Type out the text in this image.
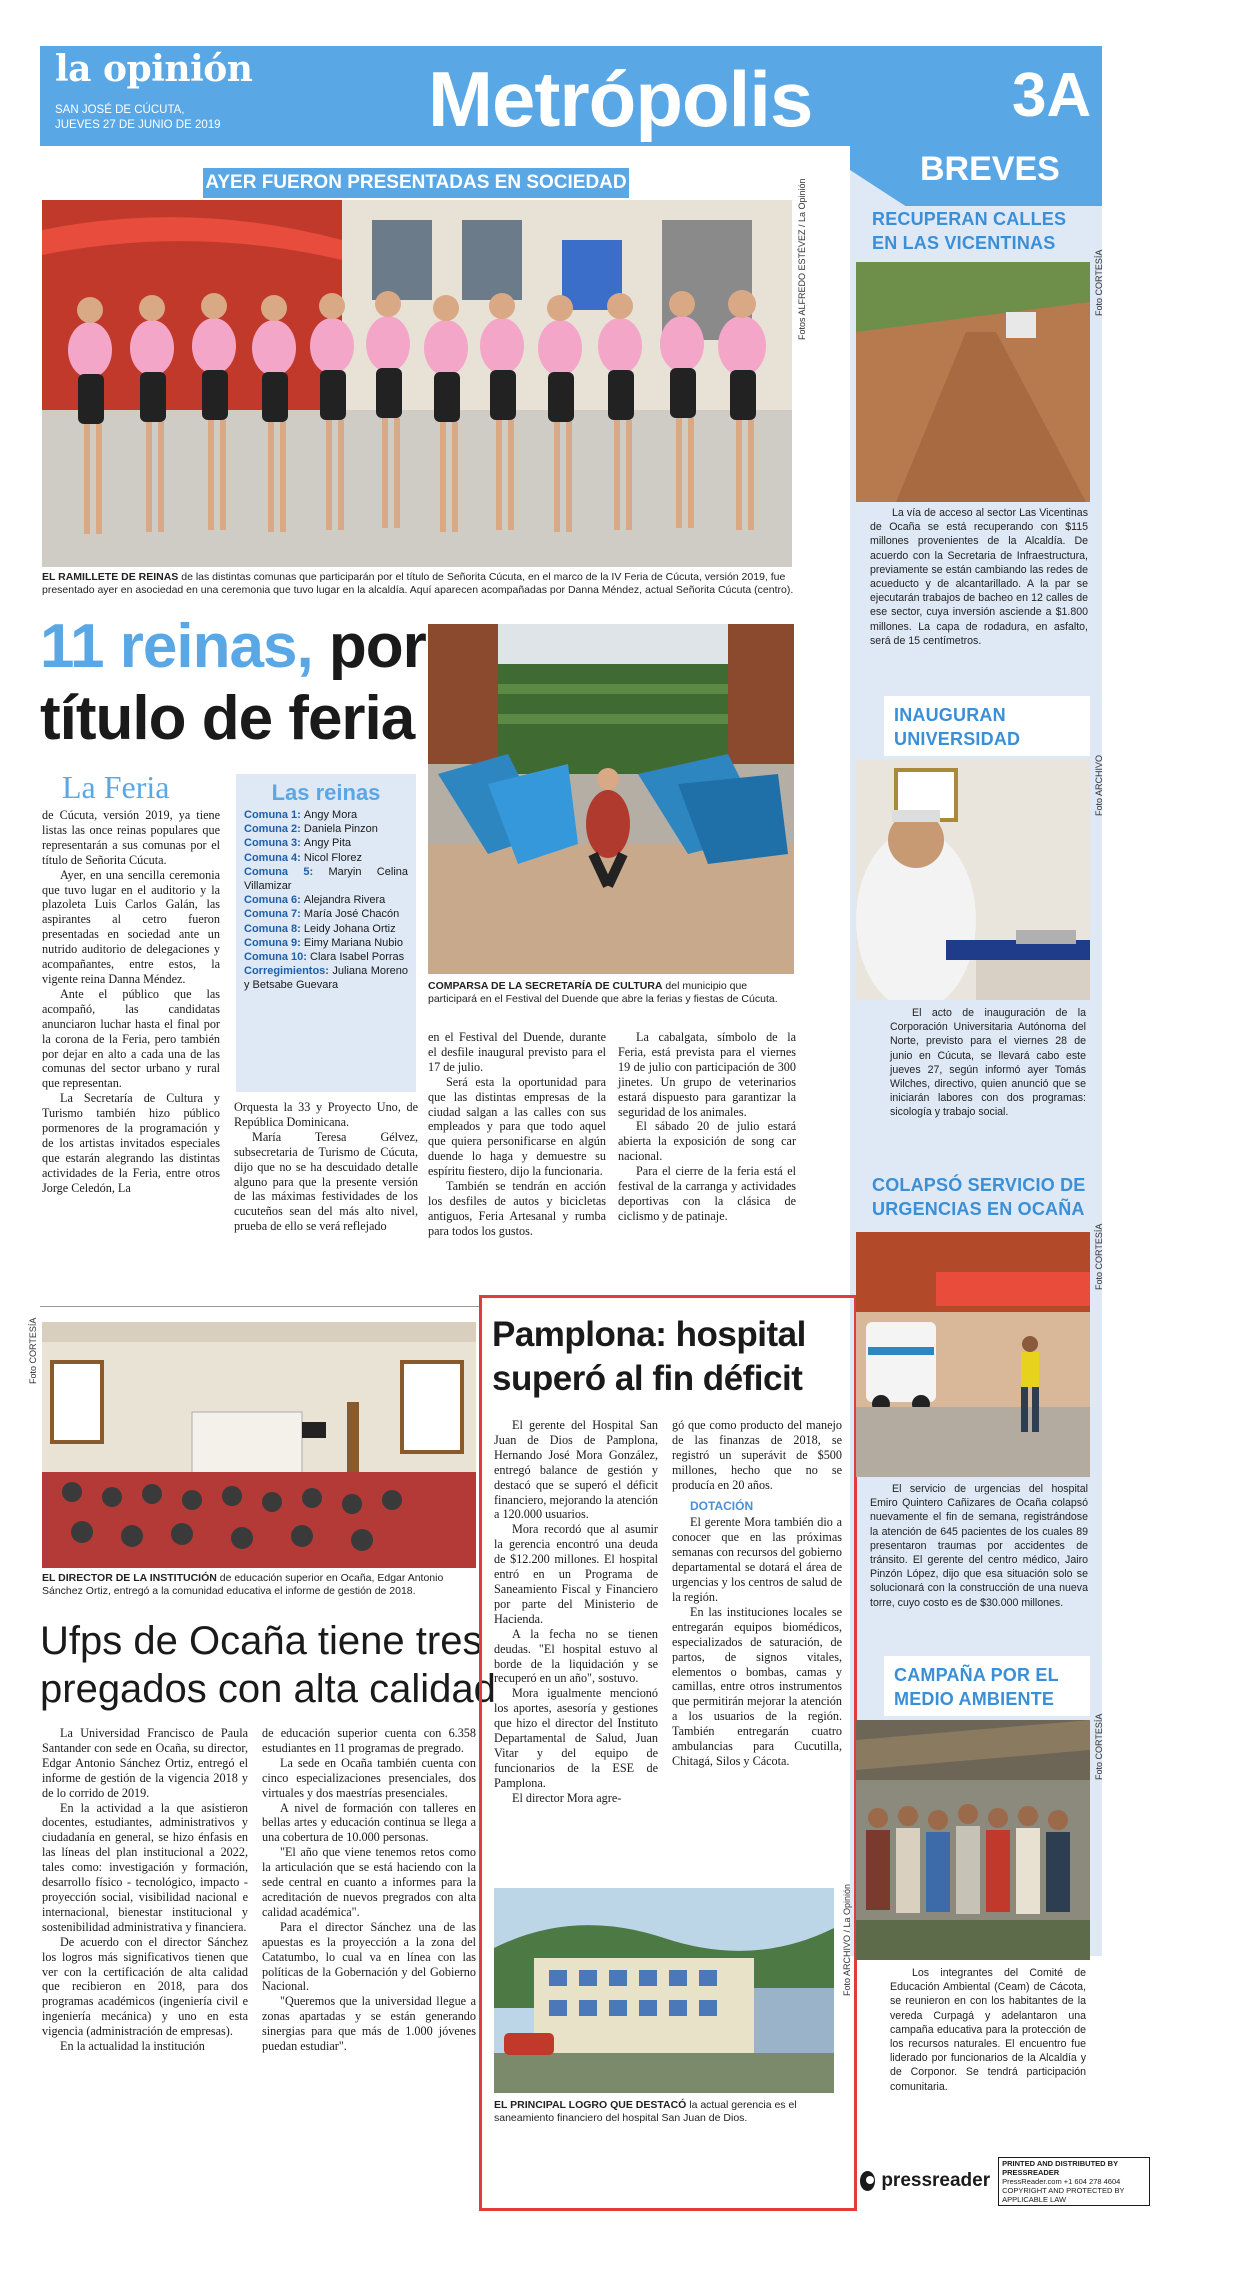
la opinión
SAN JOSÉ DE CÚCUTA,
JUEVES 27 DE JUNIO DE 2019	Metrópolis	3A
BREVES
AYER FUERON PRESENTADAS EN SOCIEDAD	Fotos ALFREDO ESTÉVEZ / La Opinión
EL RAMILLETE DE REINAS de las distintas comunas que participarán por el título de Señorita Cúcuta, en el marco de la IV Feria de Cúcuta, versión 2019, fue presentado ayer en asociedad en una ceremonia que tuvo lugar en la alcaldía. Aquí aparecen acompañadas por Danna Méndez, actual Señorita Cúcuta (centro).
11 reinas, por
título de feria
La Feria

de Cúcuta, versión 2019, ya tiene listas las once reinas populares que representarán a sus comunas por el título de Señorita Cúcuta.

Ayer, en una sencilla ceremonia que tuvo lugar en el auditorio y la plazoleta Luis Carlos Galán, las aspirantes al cetro fueron presentadas en sociedad ante un nutrido auditorio de delegaciones y acompañantes, entre estos, la vigente reina Danna Méndez.

Ante el público que las acompañó, las candidatas anunciaron luchar hasta el final por la corona de la Feria, pero también por dejar en alto a cada una de las comunas del sector urbano y rural que representan.

La Secretaría de Cultura y Turismo también hizo público pormenores de la programación y de los artistas invitados especiales que estarán alegrando las distintas actividades de la Feria, entre otros Jorge Celedón, La

Las reinas
Comuna 1: Angy Mora
Comuna 2: Daniela Pinzon
Comuna 3: Angy Pita
Comuna 4: Nicol Florez
Comuna 5: Maryin Celina Villamizar
Comuna 6: Alejandra Rivera
Comuna 7: María José Chacón
Comuna 8: Leidy Johana Ortiz
Comuna 9: Eimy Mariana Nubio
Comuna 10: Clara Isabel Porras
Corregimientos: Juliana Moreno y Betsabe Guevara

Orquesta la 33 y Proyecto Uno, de República Dominicana.

María Teresa Gélvez, subsecretaria de Turismo de Cúcuta, dijo que no se ha descuidado detalle alguno para que la presente versión de las máximas festividades de los cucuteños sean del más alto nivel, prueba de ello se verá reflejado

COMPARSA DE LA SECRETARÍA DE CULTURA del municipio que participará en el Festival del Duende que abre la ferias y fiestas de Cúcuta.

en el Festival del Duende, durante el desfile inaugural previsto para el 17 de julio.

Será esta la oportunidad para que las distintas empresas de la ciudad salgan a las calles con sus empleados y para que todo aquel que quiera personificarse en algún duende lo haga y demuestre su espíritu fiestero, dijo la funcionaria.

También se tendrán en acción los desfiles de autos y bicicletas antiguos, Feria Artesanal y rumba para todos los gustos.

La cabalgata, símbolo de la Feria, está prevista para el viernes 19 de julio con participación de 300 jinetes. Un grupo de veterinarios estará dispuesto para garantizar la seguridad de los animales.

El sábado 20 de julio estará abierta la exposición de song car nacional.

Para el cierre de la feria está el festival de la carranga y actividades deportivas con la clásica de ciclismo y de patinaje.

Foto CORTESÍA
EL DIRECTOR DE LA INSTITUCIÓN de educación superior en Ocaña, Edgar Antonio Sánchez Ortiz, entregó a la comunidad educativa el informe de gestión de 2018.
Ufps de Ocaña tiene tres
pregados con alta calidad

La Universidad Francisco de Paula Santander con sede en Ocaña, su director, Edgar Antonio Sánchez Ortiz, entregó el informe de gestión de la vigencia 2018 y de lo corrido de 2019.

En la actividad a la que asistieron docentes, estudiantes, administrativos y ciudadanía en general, se hizo énfasis en las líneas del plan institucional a 2022, tales como: investigación y formación, desarrollo físico - tecnológico, impacto - proyección social, visibilidad nacional e internacional, bienestar institucional y sostenibilidad administrativa y financiera.

De acuerdo con el director Sánchez los logros más significativos tienen que ver con la certificación de alta calidad que recibieron en 2018, para dos programas académicos (ingeniería civil e ingeniería mecánica) y uno en esta vigencia (administración de empresas).

En la actualidad la institución

de educación superior cuenta con 6.358 estudiantes en 11 programas de pregrado.

La sede en Ocaña también cuenta con cinco especializaciones presenciales, dos virtuales y dos maestrías presenciales.

A nivel de formación con talleres en bellas artes y educación continua se llega a una cobertura de 10.000 personas.

"El año que viene tenemos retos como la articulación que se está haciendo con la sede central en cuanto a informes para la acreditación de nuevos pregrados con alta calidad académica".

Para el director Sánchez una de las apuestas es la proyección a la zona del Catatumbo, lo cual va en línea con las políticas de la Gobernación y del Gobierno Nacional.

"Queremos que la universidad llegue a zonas apartadas y se están generando sinergias para que más de 1.000 jóvenes puedan estudiar".

Pamplona: hospital
superó al fin déficit

El gerente del Hospital San Juan de Dios de Pamplona, Hernando José Mora González, entregó balance de gestión y destacó que se superó el déficit financiero, mejorando la atención a 120.000 usuarios.

Mora recordó que al asumir la gerencia encontró una deuda de $12.200 millones. El hospital entró en un Programa de Saneamiento Fiscal y Financiero por parte del Ministerio de Hacienda.

A la fecha no se tienen deudas. "El hospital estuvo al borde de la liquidación y se recuperó en un año", sostuvo.

Mora igualmente mencionó los aportes, asesoría y gestiones que hizo el director del Instituto Departamental de Salud, Juan Vitar y del equipo de funcionarios de la ESE de Pamplona.

El director Mora agre-

gó que como producto del manejo de las finanzas de 2018, se registró un superávit de $500 millones, hecho que no se producía en 20 años.

DOTACIÓN

El gerente Mora también dio a conocer que en las próximas semanas con recursos del gobierno departamental se dotará el área de urgencias y los centros de salud de la región.

En las instituciones locales se entregarán equipos biomédicos, especializados de saturación, de partos, de signos vitales, elementos o bombas, camas y camillas, entre otros instrumentos que permitirán mejorar la atención a los usuarios de la región. También entregarán cuatro ambulancias para Cucutilla, Chitagá, Silos y Cácota.

Foto ARCHIVO / La Opinión
EL PRINCIPAL LOGRO QUE DESTACÓ la actual gerencia es el saneamiento financiero del hospital San Juan de Dios.
RECUPERAN CALLES
EN LAS VICENTINAS
Foto CORTESÍA

La vía de acceso al sector Las Vicentinas de Ocaña se está recuperando con $115 millones provenientes de la Alcaldía. De acuerdo con la Secretaria de Infraestructura, previamente se están cambiando las redes de acueducto y de alcantarillado. A la par se ejecutarán trabajos de bacheo en 12 calles de ese sector, cuya inversión asciende a $1.800 millones. La capa de rodadura, en asfalto, será de 15 centímetros.

INAUGURAN
UNIVERSIDAD
Foto ARCHIVO

El acto de inauguración de la Corporación Universitaria Autónoma del Norte, previsto para el viernes 28 de junio en Cúcuta, se llevará cabo este jueves 27, según informó ayer Tomás Wilches, directivo, quien anunció que se iniciarán labores con dos programas: sicología y trabajo social.

COLAPSÓ SERVICIO DE
URGENCIAS EN OCAÑA
Foto CORTESÍA

El servicio de urgencias del hospital Emiro Quintero Cañizares de Ocaña colapsó nuevamente el fin de semana, registrándose la atención de 645 pacientes de los cuales 89 presentaron traumas por accidentes de tránsito. El gerente del centro médico, Jairo Pinzón López, dijo que esa situación solo se solucionará con la construcción de una nueva torre, cuyo costo es de $30.000 millones.

CAMPAÑA POR EL
MEDIO AMBIENTE
Foto CORTESÍA

Los integrantes del Comité de Educación Ambiental (Ceam) de Cácota, se reunieron en con los habitantes de la vereda Curpagá y adelantaron una campaña educativa para la protección de los recursos naturales. El encuentro fue liderado por funcionarios de la Alcaldía y de Corponor. Se tendrá participación comunitaria.

pressreader
PRINTED AND DISTRIBUTED BY PRESSREADER
PressReader.com +1 604 278 4604
COPYRIGHT AND PROTECTED BY APPLICABLE LAW
